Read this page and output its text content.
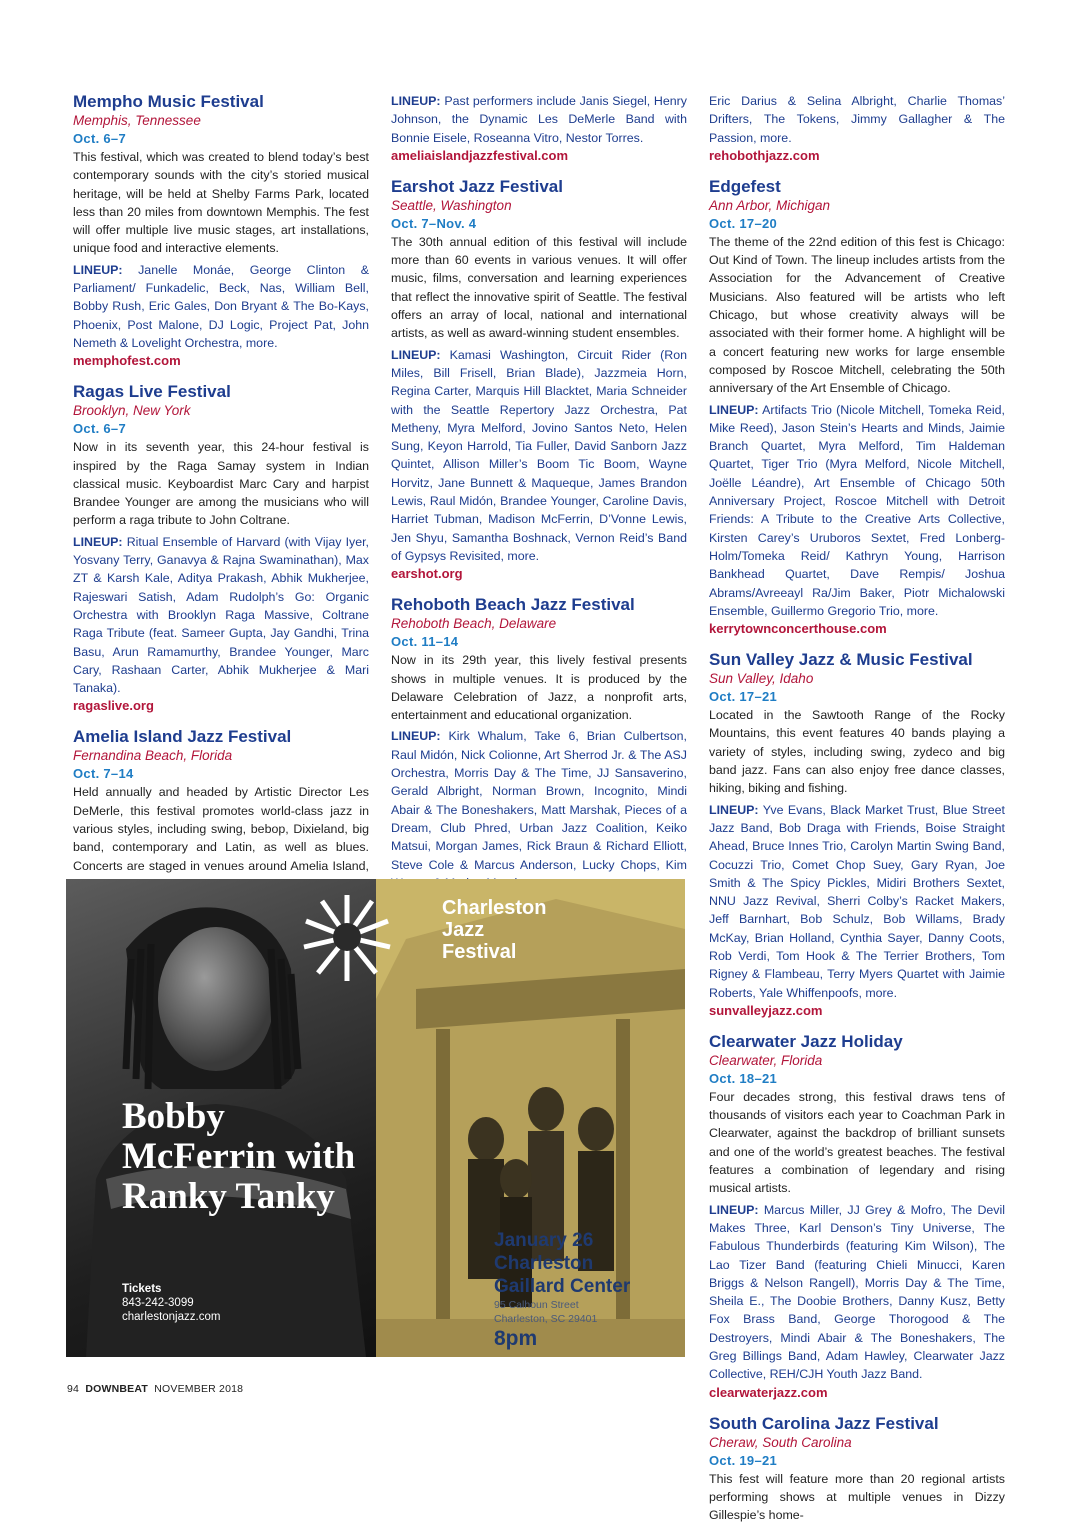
Mempho Music Festival
Memphis, Tennessee
Oct. 6–7
This festival, which was created to blend today’s best contemporary sounds with the city’s storied musical heritage, will be held at Shelby Farms Park, located less than 20 miles from downtown Memphis. The fest will offer multiple live music stages, art installations, unique food and interactive elements.
LINEUP: Janelle Monáe, George Clinton & Parliament/ Funkadelic, Beck, Nas, William Bell, Bobby Rush, Eric Gales, Don Bryant & The Bo-Kays, Phoenix, Post Malone, DJ Logic, Project Pat, John Nemeth & Lovelight Orchestra, more.
memphofest.com
Ragas Live Festival
Brooklyn, New York
Oct. 6–7
Now in its seventh year, this 24-hour festival is inspired by the Raga Samay system in Indian classical music. Keyboardist Marc Cary and harpist Brandee Younger are among the musicians who will perform a raga tribute to John Coltrane.
LINEUP: Ritual Ensemble of Harvard (with Vijay Iyer, Yosvany Terry, Ganavya & Rajna Swaminathan), Max ZT & Karsh Kale, Aditya Prakash, Abhik Mukherjee, Rajeswari Satish, Adam Rudolph’s Go: Organic Orchestra with Brooklyn Raga Massive, Coltrane Raga Tribute (feat. Sameer Gupta, Jay Gandhi, Trina Basu, Arun Ramamurthy, Brandee Younger, Marc Cary, Rashaan Carter, Abhik Mukherjee & Mari Tanaka).
ragaslive.org
Amelia Island Jazz Festival
Fernandina Beach, Florida
Oct. 7–14
Held annually and headed by Artistic Director Les DeMerle, this festival promotes world-class jazz in various styles, including swing, bebop, Dixieland, big band, contemporary and Latin, as well as blues. Concerts are staged in venues around Amelia Island,
LINEUP: Past performers include Janis Siegel, Henry Johnson, the Dynamic Les DeMerle Band with Bonnie Eisele, Roseanna Vitro, Nestor Torres.
ameliaislandjazzfestival.com
Earshot Jazz Festival
Seattle, Washington
Oct. 7–Nov. 4
The 30th annual edition of this festival will include more than 60 events in various venues. It will offer music, films, conversation and learning experiences that reflect the innovative spirit of Seattle. The festival offers an array of local, national and international artists, as well as award-winning student ensembles.
LINEUP: Kamasi Washington, Circuit Rider (Ron Miles, Bill Frisell, Brian Blade), Jazzmeia Horn, Regina Carter, Marquis Hill Blacktet, Maria Schneider with the Seattle Repertory Jazz Orchestra, Pat Metheny, Myra Melford, Jovino Santos Neto, Helen Sung, Keyon Harrold, Tia Fuller, David Sanborn Jazz Quintet, Allison Miller’s Boom Tic Boom, Wayne Horvitz, Jane Bunnett & Maqueque, James Brandon Lewis, Raul Midón, Brandee Younger, Caroline Davis, Harriet Tubman, Madison McFerrin, D’Vonne Lewis, Jen Shyu, Samantha Boshnack, Vernon Reid’s Band of Gypsys Revisited, more.
earshot.org
Rehoboth Beach Jazz Festival
Rehoboth Beach, Delaware
Oct. 11–14
Now in its 29th year, this lively festival presents shows in multiple venues. It is produced by the Delaware Celebration of Jazz, a nonprofit arts, entertainment and educational organization.
LINEUP: Kirk Whalum, Take 6, Brian Culbertson, Raul Midón, Nick Colionne, Art Sherrod Jr. & The ASJ Orchestra, Morris Day & The Time, JJ Sansaverino, Gerald Albright, Norman Brown, Incognito, Mindi Abair & The Boneshakers, Matt Marshak, Pieces of a Dream, Club Phred, Urban Jazz Coalition, Keiko Matsui, Morgan James, Rick Braun & Richard Elliott, Steve Cole & Marcus Anderson, Lucky Chops, Kim
Eric Darius & Selina Albright, Charlie Thomas’ Drifters, The Tokens, Jimmy Gallagher & The Passion, more.
rehobothjazz.com
Edgefest
Ann Arbor, Michigan
Oct. 17–20
The theme of the 22nd edition of this fest is Chicago: Out Kind of Town. The lineup includes artists from the Association for the Advancement of Creative Musicians. Also featured will be artists who left Chicago, but whose creativity always will be associated with their former home. A highlight will be a concert featuring new works for large ensemble composed by Roscoe Mitchell, celebrating the 50th anniversary of the Art Ensemble of Chicago.
LINEUP: Artifacts Trio (Nicole Mitchell, Tomeka Reid, Mike Reed), Jason Stein’s Hearts and Minds, Jaimie Branch Quartet, Myra Melford, Tim Haldeman Quartet, Tiger Trio (Myra Melford, Nicole Mitchell, Joëlle Léandre), Art Ensemble of Chicago 50th Anniversary Project, Roscoe Mitchell with Detroit Friends: A Tribute to the Creative Arts Collective, Kirsten Carey’s Uruboros Sextet, Fred Lonberg-Holm/Tomeka Reid/ Kathryn Young, Harrison Bankhead Quartet, Dave Rempis/ Joshua Abrams/Avreeayl Ra/Jim Baker, Piotr Michalowski Ensemble, Guillermo Gregorio Trio, more.
kerrytownconcerthouse.com
Sun Valley Jazz & Music Festival
Sun Valley, Idaho
Oct. 17–21
Located in the Sawtooth Range of the Rocky Mountains, this event features 40 bands playing a variety of styles, including swing, zydeco and big band jazz. Fans can also enjoy free dance classes, hiking, biking and fishing.
LINEUP: Yve Evans, Black Market Trust, Blue Street Jazz Band, Bob Draga with Friends, Boise Straight Ahead, Bruce Innes Trio, Carolyn Martin Swing Band, Cocuzzi Trio, Comet Chop Suey, Gary Ryan, Joe Smith & The Spicy Pickles, Midiri Brothers Sextet, NNU Jazz Revival, Sherri Colby’s Racket Makers, Jeff Barnhart, Bob Schulz, Bob Willams, Brady McKay, Brian Holland, Cynthia Sayer, Danny Coots, Rob Verdi, Tom Hook & The Terrier Brothers, Tom Rigney & Flambeau, Terry Myers Quartet with Jaimie Roberts, Yale Whiffenpoofs, more.
sunvalleyjazz.com
Clearwater Jazz Holiday
Clearwater, Florida
Oct. 18–21
Four decades strong, this festival draws tens of thousands of visitors each year to Coachman Park in Clearwater, against the backdrop of brilliant sunsets and one of the world’s greatest beaches. The festival features a combination of legendary and rising musical artists.
LINEUP: Marcus Miller, JJ Grey & Mofro, The Devil Makes Three, Karl Denson’s Tiny Universe, The Fabulous Thunderbirds (featuring Kim Wilson), The Lao Tizer Band (featuring Chieli Minucci, Karen Briggs & Nelson Rangell), Morris Day & The Time, Sheila E., The Doobie Brothers, Danny Kusz, Betty Fox Brass Band, George Thorogood & The Destroyers, Mindi Abair & The Boneshakers, The Greg Billings Band, Adam Hawley, Clearwater Jazz Collective, REH/CJH Youth Jazz Band.
clearwaterjazz.com
South Carolina Jazz Festival
Cheraw, South Carolina
Oct. 19–21
This fest will feature more than 20 regional artists performing shows at multiple venues in Dizzy Gillespie’s home-
Bobby McFerrin with Ranky Tanky
Tickets
843-242-3099
charlestonjazz.com
Charleston
Jazz
Festival
January 26
Charleston
Gaillard Center
95 Calhoun Street
Charleston, SC 29401
8pm
94 DOWNBEAT NOVEMBER 2018
